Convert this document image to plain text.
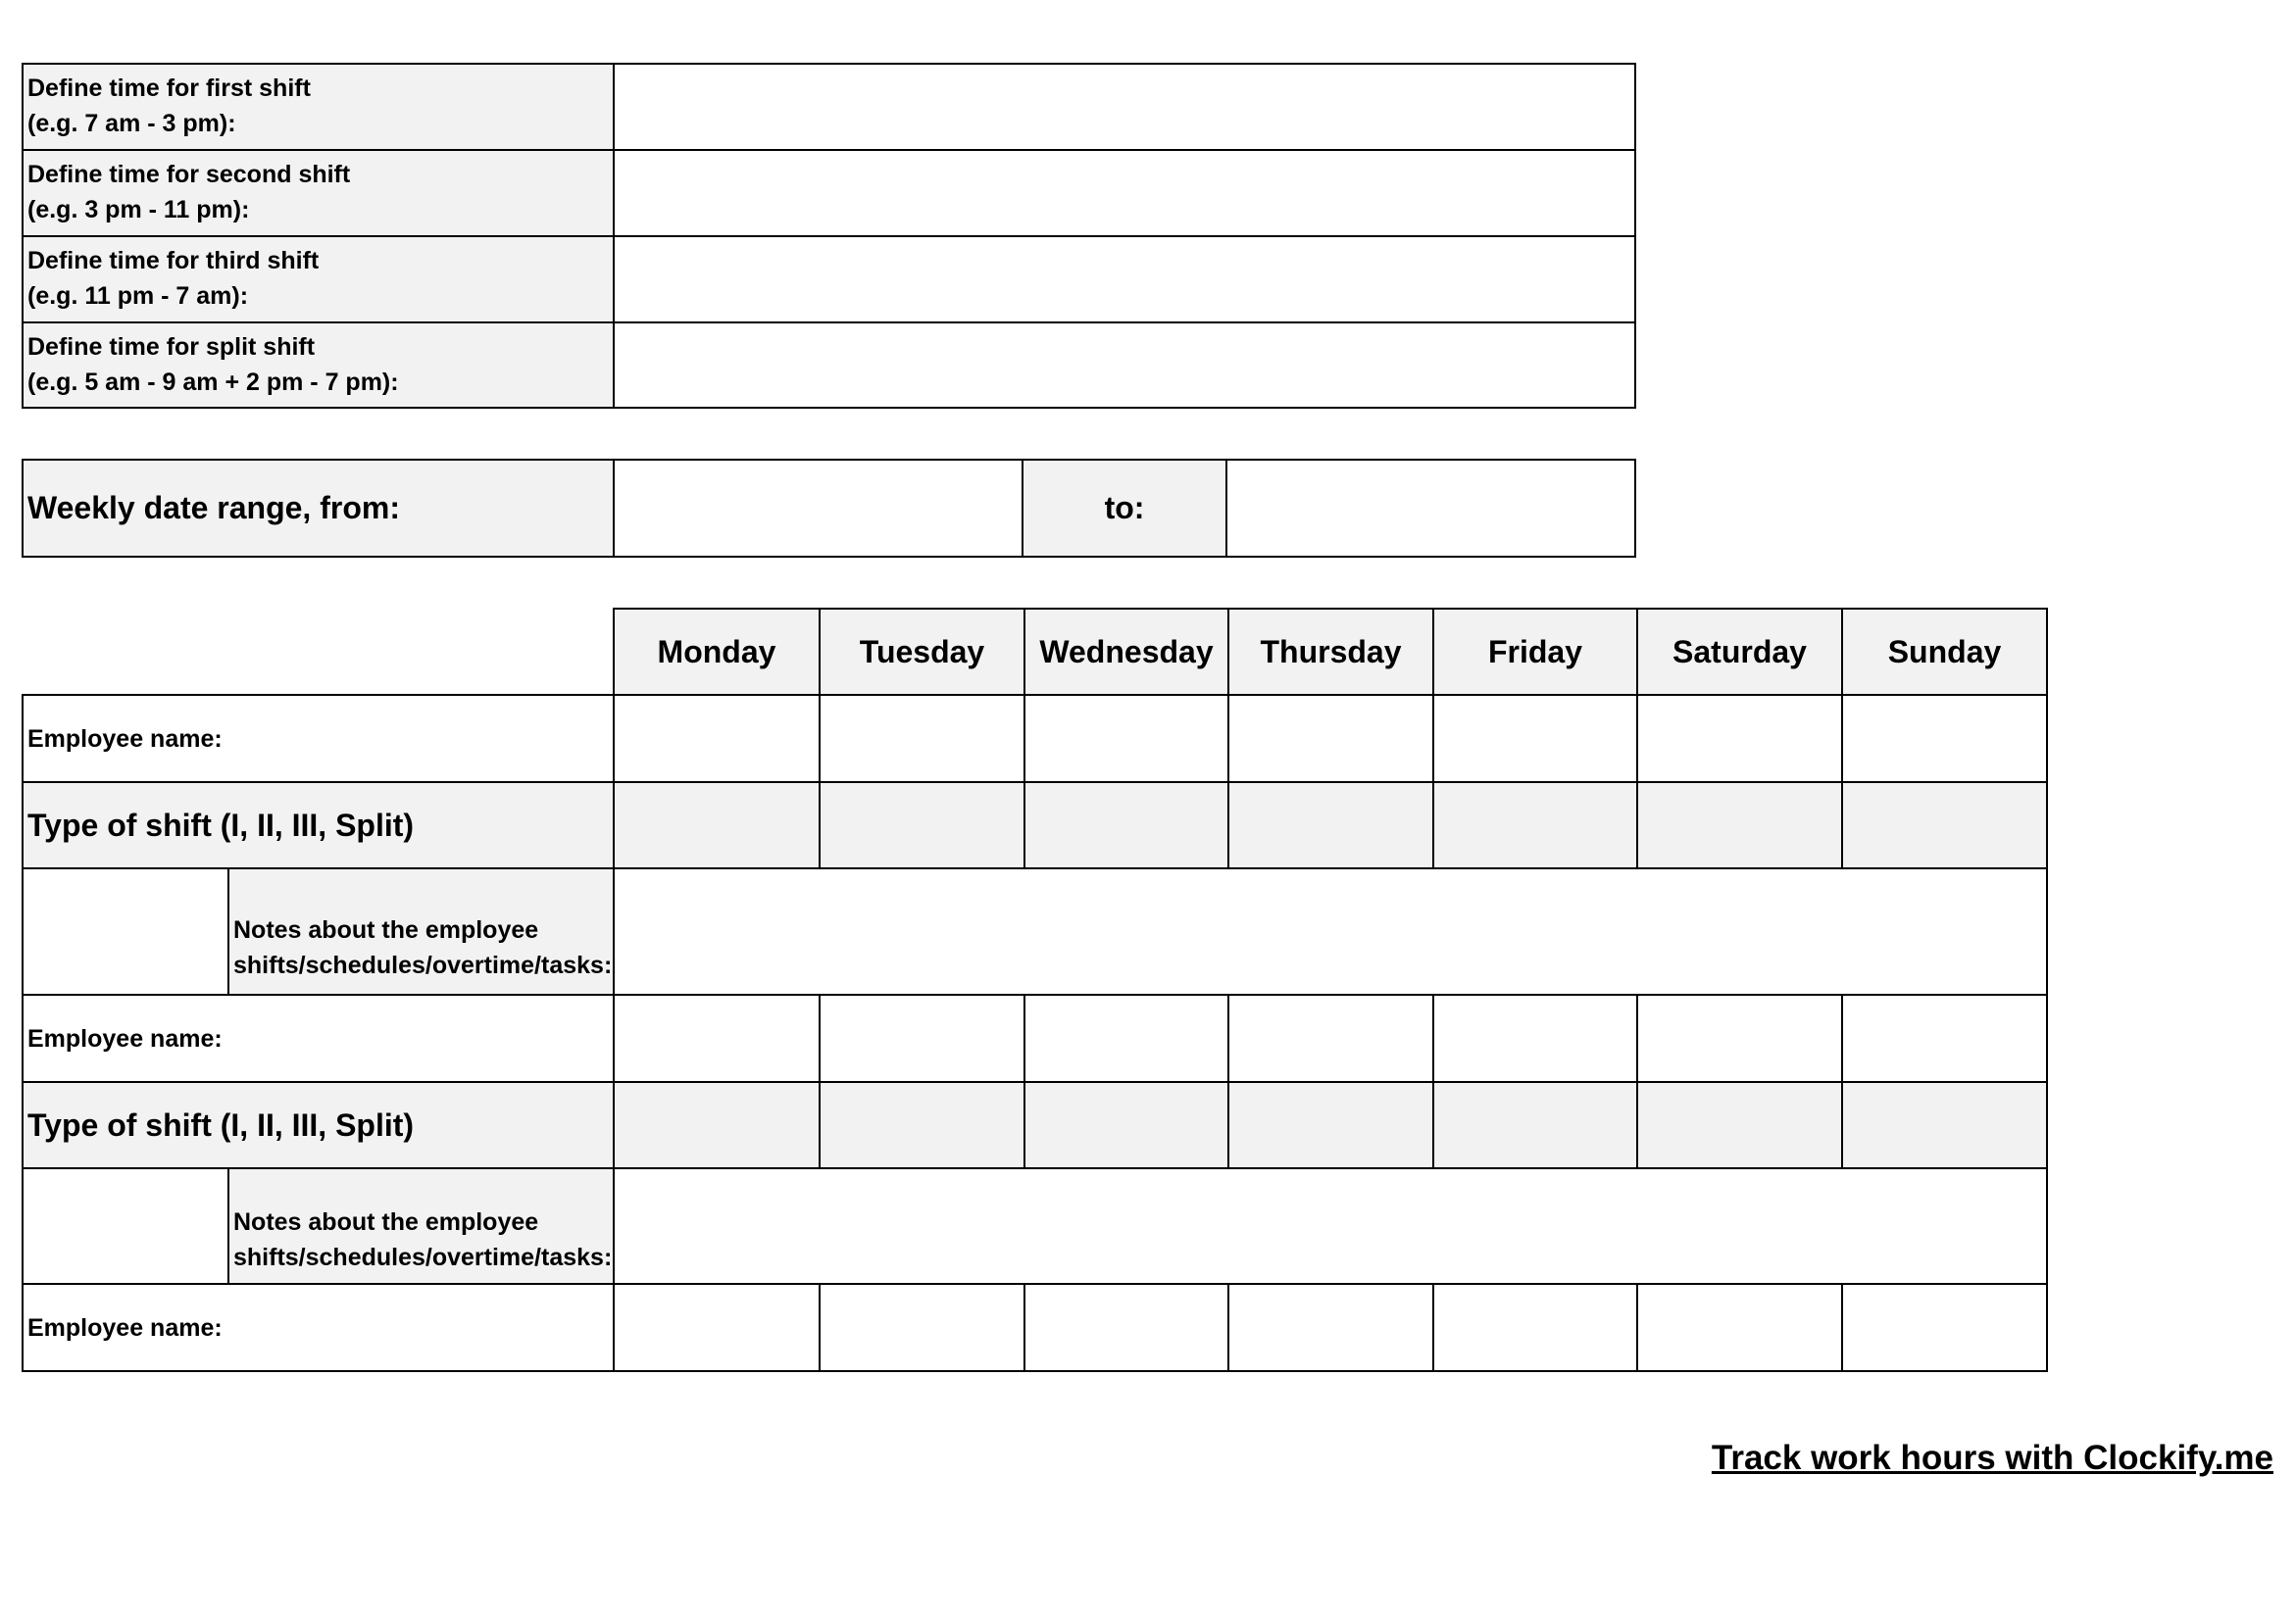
Define time for first shift
(e.g. 7 am - 3 pm):
Define time for second shift
(e.g. 3 pm - 11 pm):
Define time for third shift
(e.g. 11 pm - 7 am):
Define time for split shift
(e.g. 5 am - 9 am + 2 pm - 7 pm):
Weekly date range, from:	to:
Monday	Tuesday	Wednesday	Thursday	Friday	Saturday	Sunday
Employee name:
Type of shift (I, II, III, Split)
Notes about the employee
shifts/schedules/overtime/tasks:
Employee name:
Type of shift (I, II, III, Split)
Notes about the employee
shifts/schedules/overtime/tasks:
Employee name:
Track work hours with Clockify.me
